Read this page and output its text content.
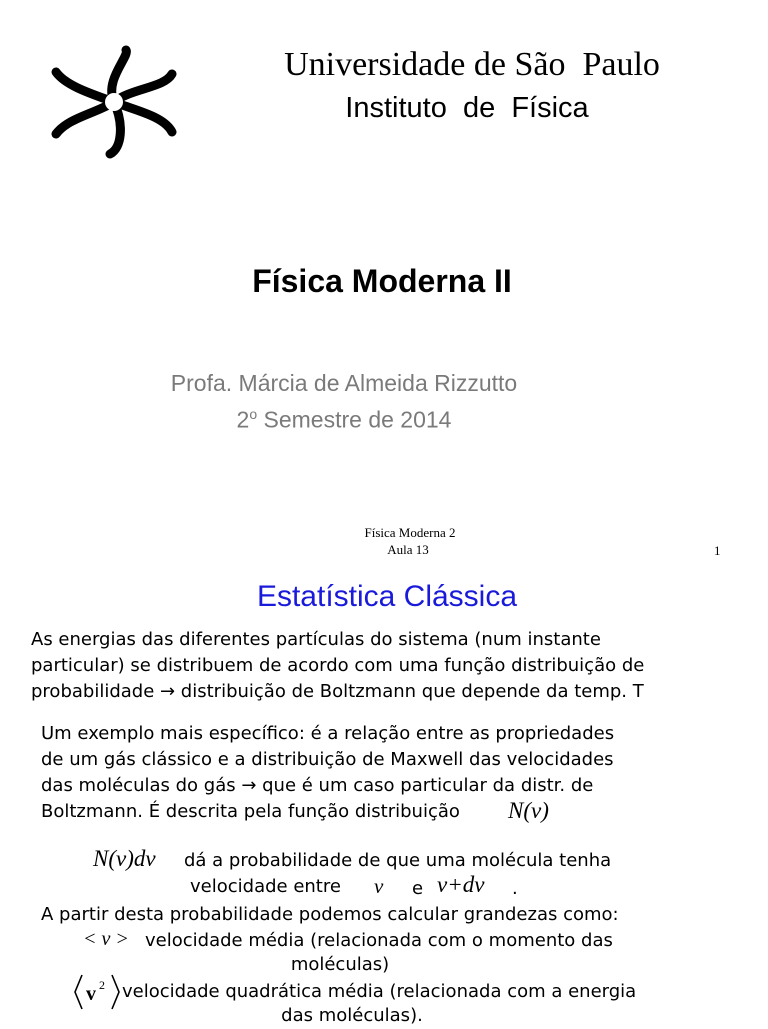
Universidade de São  Paulo
Instituto  de  Física
Física Moderna II
Profa. Márcia de Almeida Rizzutto
2$^o$ Semestre de 2014
Física Moderna 2
Aula 13	1
Estatística Clássica
As energias das diferentes partículas do sistema (num instante
particular) se distribuem de acordo com uma função distribuição de
probabilidade → distribuição de Boltzmann que depende da temp. T
Um exemplo mais específico: é a relação entre as propriedades
de um gás clássico e a distribuição de Maxwell das velocidades
das moléculas do gás → que é um caso particular da distr. de
Boltzmann. É descrita pela função distribuição N(v)
N(v)dv dá a probabilidade de que uma molécula tenha
velocidade entre v e v+dv .
A partir desta probabilidade podemos calcular grandezas como:
< v > velocidade média (relacionada com o momento das
moléculas)
v 2 velocidade quadrática média (relacionada com a energia
das moléculas).
